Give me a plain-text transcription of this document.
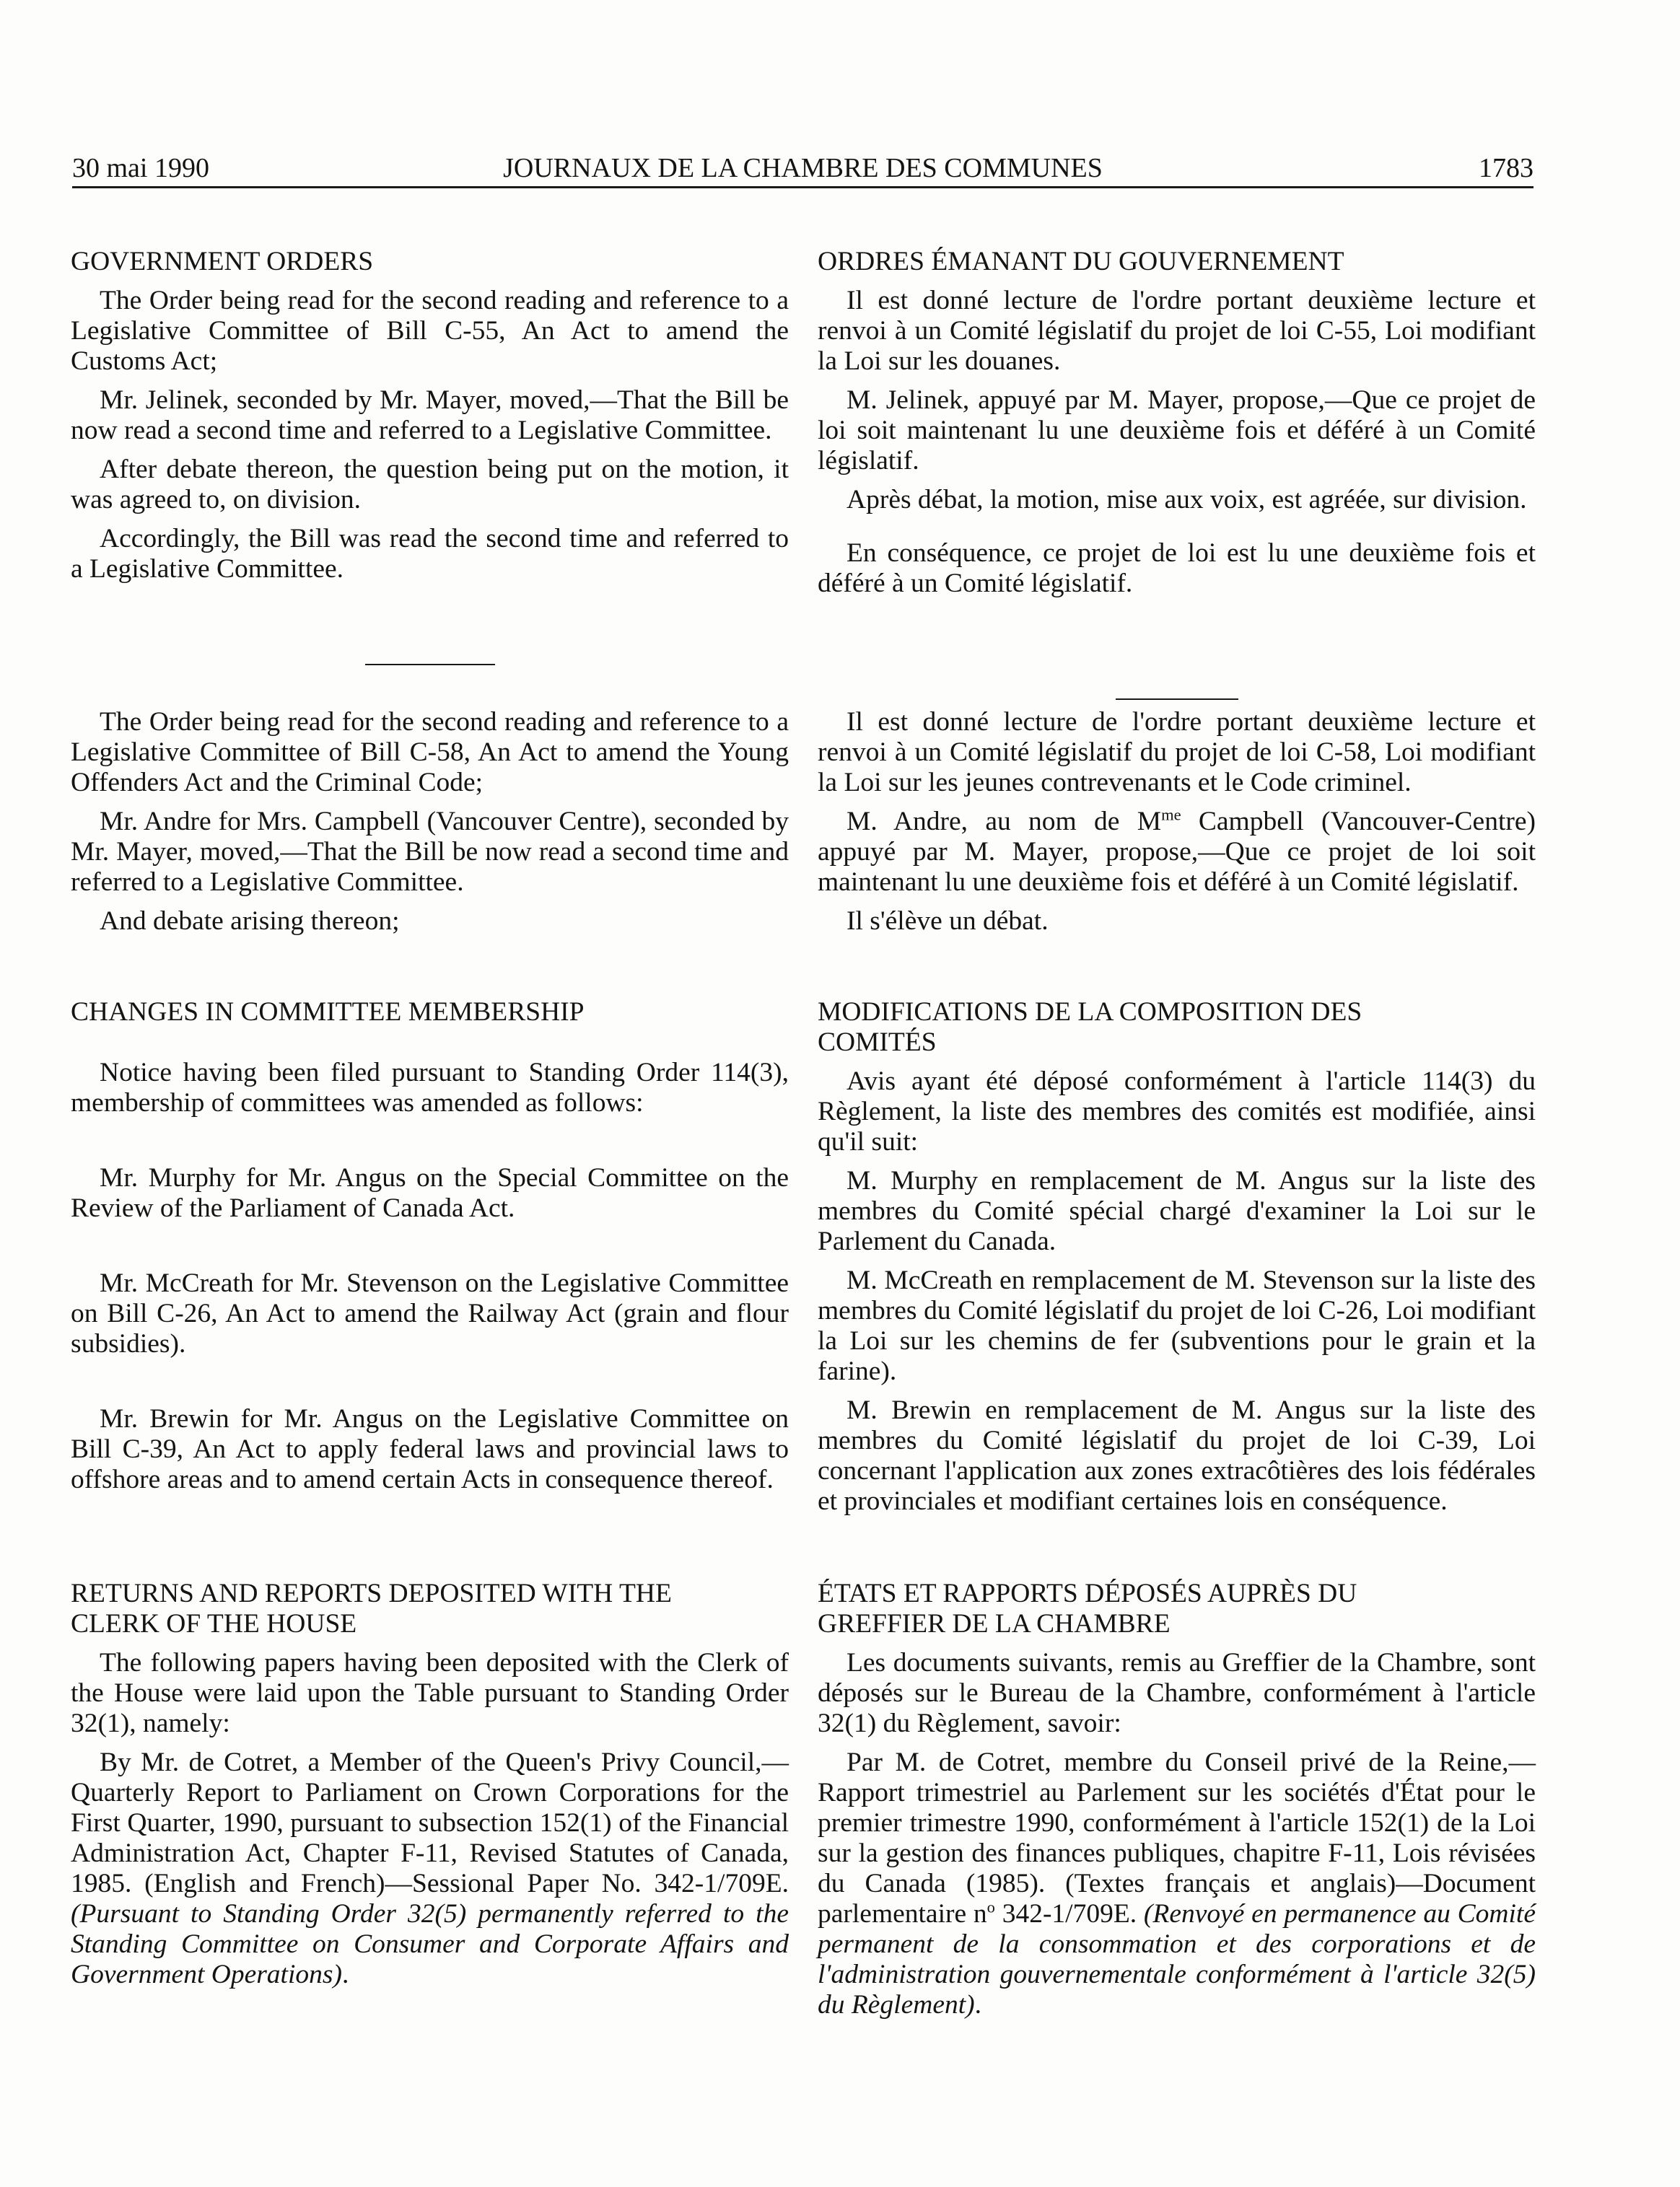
30 mai 1990	JOURNAUX DE LA CHAMBRE DES COMMUNES	1783

GOVERNMENT ORDERS

The Order being read for the second reading and reference to a Legislative Committee of Bill C-55, An Act to amend the Customs Act;

Mr. Jelinek, seconded by Mr. Mayer, moved,—That the Bill be now read a second time and referred to a Legislative Committee.

After debate thereon, the question being put on the motion, it was agreed to, on division.

Accordingly, the Bill was read the second time and referred to a Legislative Committee.

The Order being read for the second reading and reference to a Legislative Committee of Bill C-58, An Act to amend the Young Offenders Act and the Criminal Code;

Mr. Andre for Mrs. Campbell (Vancouver Centre), seconded by Mr. Mayer, moved,—That the Bill be now read a second time and referred to a Legislative Committee.

And debate arising thereon;

CHANGES IN COMMITTEE MEMBERSHIP

Notice having been filed pursuant to Standing Order 114(3), membership of committees was amended as follows:

Mr. Murphy for Mr. Angus on the Special Committee on the Review of the Parliament of Canada Act.

Mr. McCreath for Mr. Stevenson on the Legislative Committee on Bill C-26, An Act to amend the Railway Act (grain and flour subsidies).

Mr. Brewin for Mr. Angus on the Legislative Committee on Bill C-39, An Act to apply federal laws and provincial laws to offshore areas and to amend certain Acts in consequence thereof.

RETURNS AND REPORTS DEPOSITED WITH THE

CLERK OF THE HOUSE

The following papers having been deposited with the Clerk of the House were laid upon the Table pursuant to Standing Order 32(1), namely:

By Mr. de Cotret, a Member of the Queen's Privy Council,—Quarterly Report to Parliament on Crown Corporations for the First Quarter, 1990, pursuant to subsection 152(1) of the Financial Administration Act, Chapter F-11, Revised Statutes of Canada, 1985. (English and French)—Sessional Paper No. 342-1/709E. (Pursuant to Standing Order 32(5) permanently referred to the Standing Committee on Consumer and Corporate Affairs and Government Operations).

ORDRES ÉMANANT DU GOUVERNEMENT

Il est donné lecture de l'ordre portant deuxième lecture et renvoi à un Comité législatif du projet de loi C-55, Loi modifiant la Loi sur les douanes.

M. Jelinek, appuyé par M. Mayer, propose,—Que ce projet de loi soit maintenant lu une deuxième fois et déféré à un Comité législatif.

Après débat, la motion, mise aux voix, est agréée, sur division.

En conséquence, ce projet de loi est lu une deuxième fois et déféré à un Comité législatif.

Il est donné lecture de l'ordre portant deuxième lecture et renvoi à un Comité législatif du projet de loi C-58, Loi modifiant la Loi sur les jeunes contrevenants et le Code criminel.

M. Andre, au nom de $M^{me}$ Campbell (Vancouver-Centre) appuyé par M. Mayer, propose,—Que ce projet de loi soit maintenant lu une deuxième fois et déféré à un Comité législatif.

Il s'élève un débat.

MODIFICATIONS DE LA COMPOSITION DES

COMITÉS

Avis ayant été déposé conformément à l'article 114(3) du Règlement, la liste des membres des comités est modifiée, ainsi qu'il suit:

M. Murphy en remplacement de M. Angus sur la liste des membres du Comité spécial chargé d'examiner la Loi sur le Parlement du Canada.

M. McCreath en remplacement de M. Stevenson sur la liste des membres du Comité législatif du projet de loi C-26, Loi modifiant la Loi sur les chemins de fer (subventions pour le grain et la farine).

M. Brewin en remplacement de M. Angus sur la liste des membres du Comité législatif du projet de loi C-39, Loi concernant l'application aux zones extracôtières des lois fédérales et provinciales et modifiant certaines lois en conséquence.

ÉTATS ET RAPPORTS DÉPOSÉS AUPRÈS DU

GREFFIER DE LA CHAMBRE

Les documents suivants, remis au Greffier de la Chambre, sont déposés sur le Bureau de la Chambre, conformément à l'article 32(1) du Règlement, savoir:

Par M. de Cotret, membre du Conseil privé de la Reine,—Rapport trimestriel au Parlement sur les sociétés d'État pour le premier trimestre 1990, conformément à l'article 152(1) de la Loi sur la gestion des finances publiques, chapitre F-11, Lois révisées du Canada (1985). (Textes français et anglais)—Document parlementaire $n^o$ 342-1/709E. (Renvoyé en permanence au Comité permanent de la consommation et des corporations et de l'administration gouvernementale conformément à l'article 32(5) du Règlement).
